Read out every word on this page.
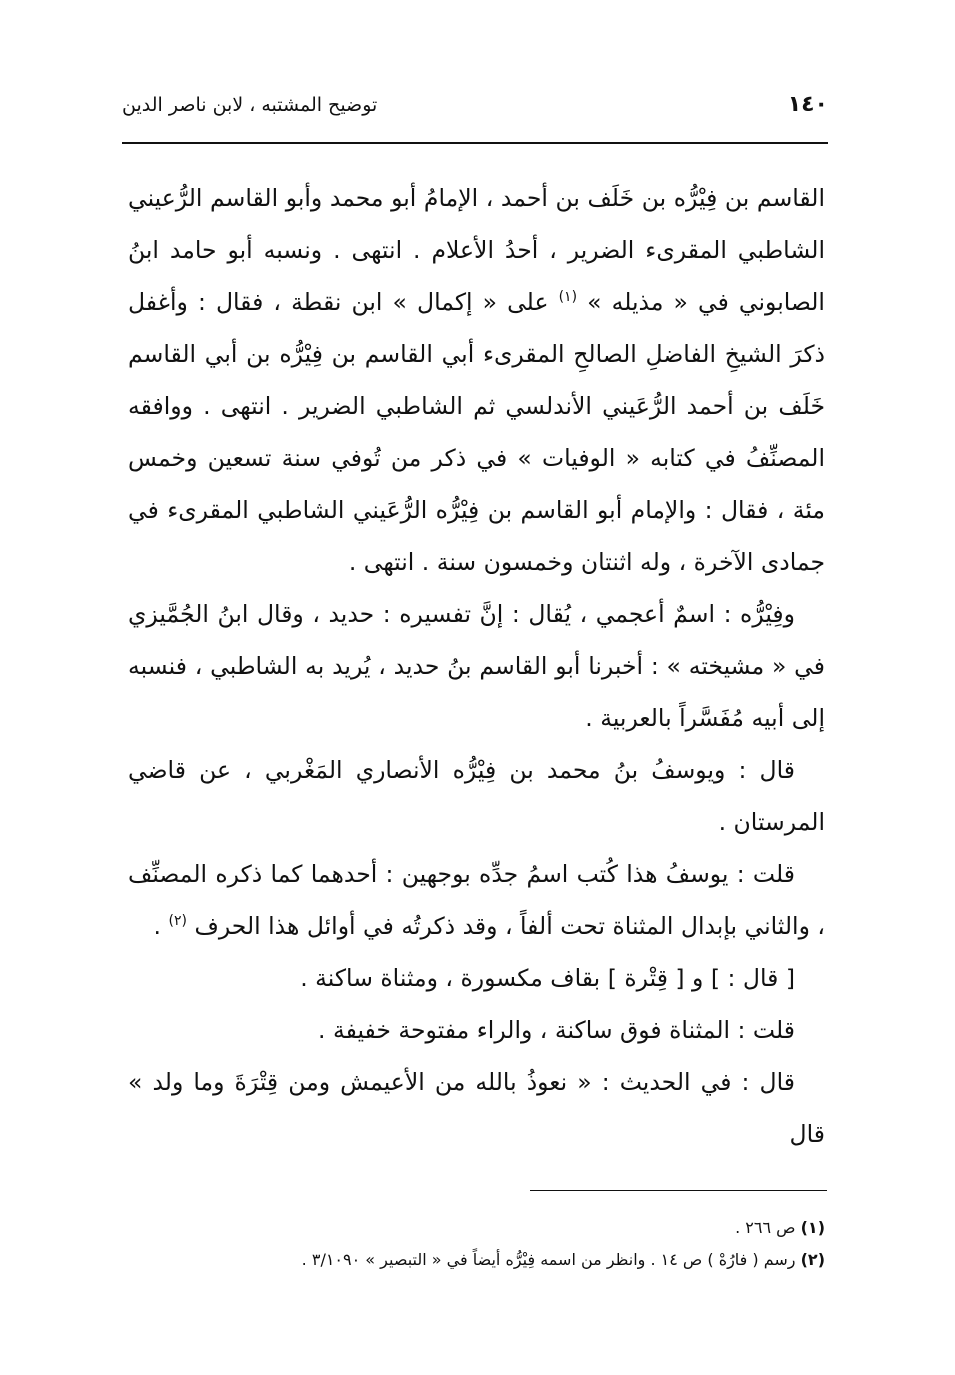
١٤٠
توضيح المشتبه ، لابن ناصر الدين

القاسم بن فِيْرُّه بن خَلَف بن أحمد ، الإمامُ أبو محمد وأبو القاسم الرُّعيني الشاطبي المقرىء الضرير ، أحدُ الأعلام . انتهى . ونسبه أبو حامد ابنُ الصابوني في « مذيله » $^{(١)}$ على « إكمال » ابن نقطة ، فقال : وأغفل ذكرَ الشيخِ الفاضلِ الصالحِ المقرىء أبي القاسم بن فِيْرُّه بن أبي القاسم خَلَف بن أحمد الرُّعَيني الأندلسي ثم الشاطبي الضرير . انتهى . ووافقه المصنِّفُ في كتابه « الوفيات » في ذكر من تُوفي سنة تسعين وخمس مئة ، فقال : والإمام أبو القاسم بن فِيْرُّه الرُّعَيني الشاطبي المقرىء في جمادى الآخرة ، وله اثنتان وخمسون سنة . انتهى .

وفِيْرُّه : اسمٌ أعجمي ، يُقال : إنَّ تفسيره : حديد ، وقال ابنُ الجُمَّيزي في « مشيخته » : أخبرنا أبو القاسم بنُ حديد ، يُريد به الشاطبي ، فنسبه إلى أبيه مُفَسَّراً بالعربية .

قال : ويوسفُ بنُ محمد بن فِيْرُّه الأنصاري المَغْربي ، عن قاضي المرستان .

قلت : يوسفُ هذا كُتب اسمُ جدِّه بوجهين : أحدهما كما ذكره المصنِّف ، والثاني بإبدال المثناة تحت ألفاً ، وقد ذكرتُه في أوائل هذا الحرف $^{(٢)}$ .

[ قال : ] و [ قِتْرة ] بقاف مكسورة ، ومثناة ساكنة .

قلت : المثناة فوق ساكنة ، والراء مفتوحة خفيفة .

قال : في الحديث : « نعوذُ بالله من الأعيمش ومن قِتْرَةَ وما ولد » قال

(١) ص ٢٦٦ .

(٢) رسم ( فارُهْ ) ص ١٤ . وانظر من اسمه فِيْرُّه أيضاً في « التبصير » ٣/١٠٩٠ .
